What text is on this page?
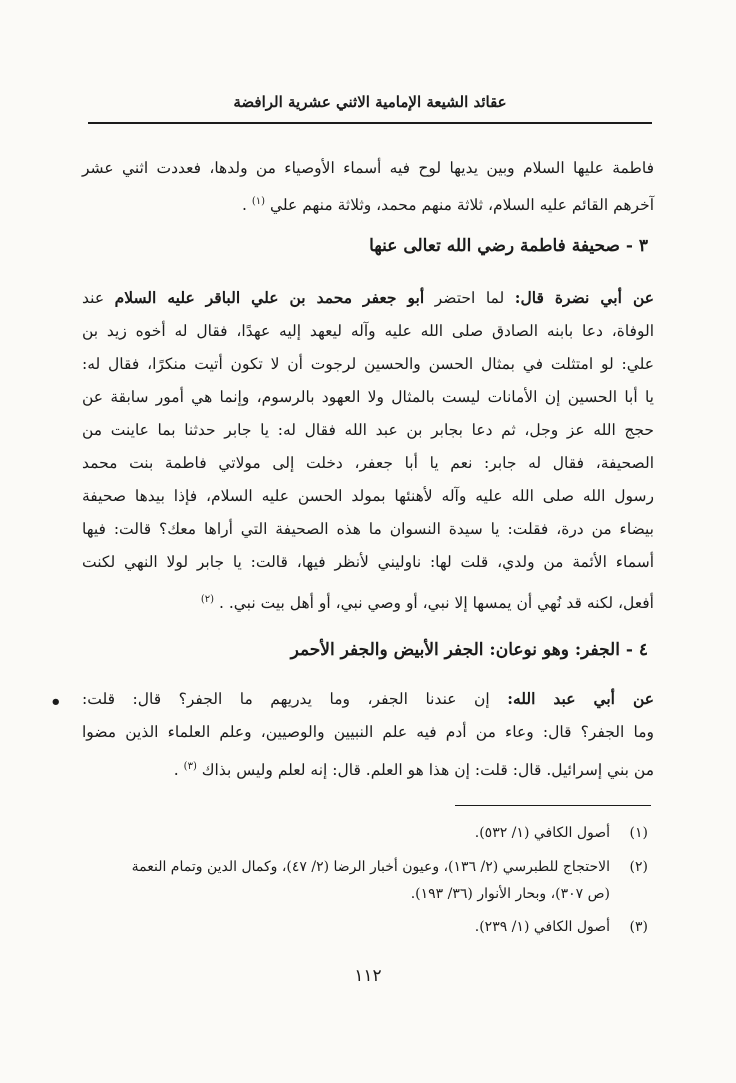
عقائد الشيعة الإمامية الاثني عشرية الرافضة
فاطمة عليها السلام وبين يديها لوح فيه أسماء الأوصياء من ولدها، فعددت اثني عشر
آخرهم القائم عليه السلام، ثلاثة منهم محمد، وثلاثة منهم علي $^{(١)}$ .
٣ - صحيفة فاطمة رضي الله تعالى عنها
عن أبي نضرة قال: لما احتضر أبو جعفر محمد بن علي الباقر عليه السلام عند
الوفاة، دعا بابنه الصادق صلى الله عليه وآله ليعهد إليه عهدًا، فقال له أخوه زيد بن
علي: لو امتثلت في بمثال الحسن والحسين لرجوت أن لا تكون أتيت منكرًا، فقال له:
يا أبا الحسين إن الأمانات ليست بالمثال ولا العهود بالرسوم، وإنما هي أمور سابقة عن
حجج الله عز وجل، ثم دعا بجابر بن عبد الله فقال له: يا جابر حدثنا بما عاينت من
الصحيفة، فقال له جابر: نعم يا أبا جعفر، دخلت إلى مولاتي فاطمة بنت محمد
رسول الله صلى الله عليه وآله لأهنئها بمولد الحسن عليه السلام، فإذا بيدها صحيفة
بيضاء من درة، فقلت: يا سيدة النسوان ما هذه الصحيفة التي أراها معك؟ قالت: فيها
أسماء الأئمة من ولدي، قلت لها: ناوليني لأنظر فيها، قالت: يا جابر لولا النهي لكنت
أفعل، لكنه قد نُهي أن يمسها إلا نبي، أو وصي نبي، أو أهل بيت نبي. . $^{(٢)}$
٤ - الجفر: وهو نوعان: الجفر الأبيض والجفر الأحمر
عن أبي عبد الله: إن عندنا الجفر، وما يدريهم ما الجفر؟ قال: قلت:
•
وما الجفر؟ قال: وعاء من أدم فيه علم النبيين والوصيين، وعلم العلماء الذين مضوا
من بني إسرائيل. قال: قلت: إن هذا هو العلم. قال: إنه لعلم وليس بذاك $^{(٣)}$ .
(١)أصول الكافي (١/ ٥٣٢).
(٢)الاحتجاج للطبرسي (٢/ ١٣٦)، وعيون أخبار الرضا (٢/ ٤٧)، وكمال الدين وتمام النعمة
(ص ٣٠٧)، وبحار الأنوار (٣٦/ ١٩٣).
(٣)أصول الكافي (١/ ٢٣٩).
١١٢
